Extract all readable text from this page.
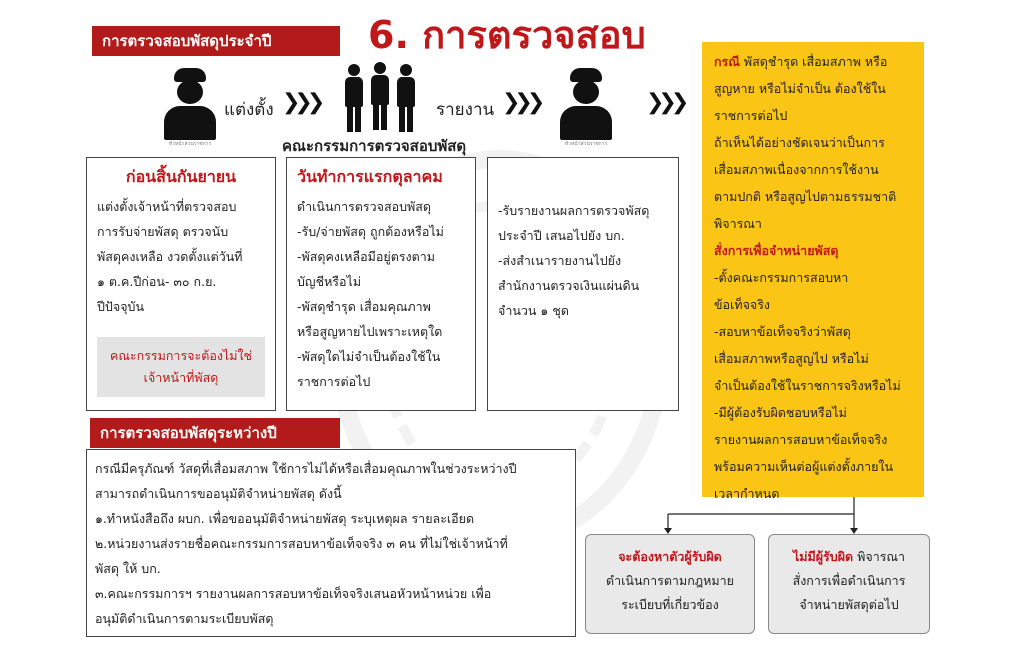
การตรวจสอบพัสดุประจำปี	6. การตรวจสอบ
หัวหน้าส่วนราชการ
แต่งตั้ง ❯❯❯
คณะกรรมการตรวจสอบพัสดุ
รายงาน ❯❯❯
หัวหน้าส่วนราชการ
❯❯❯
ก่อนสิ้นกันยายน
แต่งตั้งเจ้าหน้าที่ตรวจสอบ
การรับจ่ายพัสดุ ตรวจนับ
พัสดุคงเหลือ งวดตั้งแต่วันที่
๑ ต.ค.ปีก่อน- ๓๐ ก.ย.
ปีปัจจุบัน
คณะกรรมการจะต้องไม่ใช่
เจ้าหน้าที่พัสดุ
วันทำการแรกตุลาคม
ดำเนินการตรวจสอบพัสดุ
-รับ/จ่ายพัสดุ ถูกต้องหรือไม่
-พัสดุคงเหลือมีอยู่ตรงตาม
บัญชีหรือไม่
-พัสดุชำรุด เสื่อมคุณภาพ
หรือสูญหายไปเพราะเหตุใด
-พัสดุใดไม่จำเป็นต้องใช้ใน
ราชการต่อไป
-รับรายงานผลการตรวจพัสดุ
ประจำปี เสนอไปยัง บก.
-ส่งสำเนารายงานไปยัง
สำนักงานตรวจเงินแผ่นดิน
จำนวน ๑ ชุด
การตรวจสอบพัสดุระหว่างปี
กรณีมีครุภัณฑ์ วัสดุที่เสื่อมสภาพ ใช้การไม่ได้หรือเสื่อมคุณภาพในช่วงระหว่างปี
สามารถดำเนินการขออนุมัติจำหน่ายพัสดุ ดังนี้
๑.ทำหนังสือถึง ผบก. เพื่อขออนุมัติจำหน่ายพัสดุ ระบุเหตุผล รายละเอียด
๒.หน่วยงานส่งรายชื่อคณะกรรมการสอบหาข้อเท็จจริง ๓ คน ที่ไม่ใช่เจ้าหน้าที่
พัสดุ ให้ บก.
๓.คณะกรรมการฯ รายงานผลการสอบหาข้อเท็จจริงเสนอหัวหน้าหน่วย เพื่อ
อนุมัติดำเนินการตามระเบียบพัสดุ
กรณี พัสดุชำรุด เสื่อมสภาพ หรือ
สูญหาย หรือไม่จำเป็น ต้องใช้ใน
ราชการต่อไป
ถ้าเห็นได้อย่างชัดเจนว่าเป็นการ
เสื่อมสภาพเนื่องจากการใช้งาน
ตามปกติ หรือสูญไปตามธรรมชาติ
พิจารณา
สั่งการเพื่อจำหน่ายพัสดุ
-ตั้งคณะกรรมการสอบหา
ข้อเท็จจริง
-สอบหาข้อเท็จจริงว่าพัสดุ
เสื่อมสภาพหรือสูญไป หรือไม่
จำเป็นต้องใช้ในราชการจริงหรือไม่
-มีผู้ต้องรับผิดชอบหรือไม่
รายงานผลการสอบหาข้อเท็จจริง
พร้อมความเห็นต่อผู้แต่งตั้งภายใน
เวลากำหนด
จะต้องหาตัวผู้รับผิด
ดำเนินการตามกฎหมาย
ระเบียบที่เกี่ยวข้อง
ไม่มีผู้รับผิด พิจารณา
สั่งการเพื่อดำเนินการ
จำหน่ายพัสดุต่อไป
